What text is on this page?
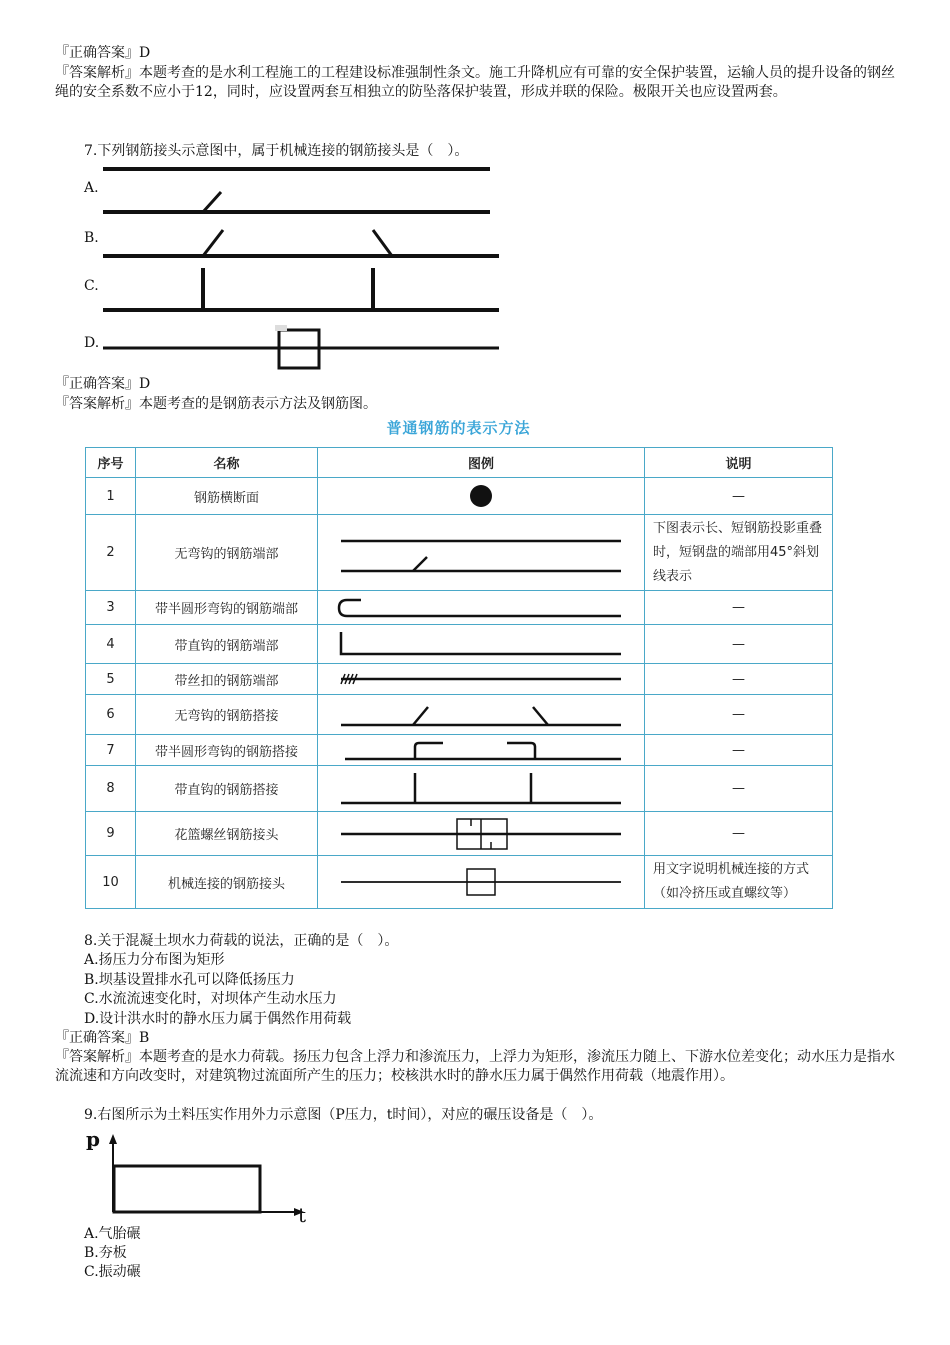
『正确答案』D

『答案解析』本题考查的是水利工程施工的工程建设标准强制性条文。施工升降机应有可靠的安全保护装置，运输人员的提升设备的钢丝绳的安全系数不应小于12，同时，应设置两套互相独立的防坠落保护装置，形成并联的保险。极限开关也应设置两套。

7.下列钢筋接头示意图中，属于机械连接的钢筋接头是（　）。

A.
B.
C.
D.

『正确答案』D

『答案解析』本题考查的是钢筋表示方法及钢筋图。

普通钢筋的表示方法
序号	名称	图例	说明
1	钢筋横断面		—
2	无弯钩的钢筋端部		下图表示长、短钢筋投影重叠时，短钢盘的端部用45°斜划线表示
3	带半圆形弯钩的钢筋端部		—
4	带直钩的钢筋端部		—
5	带丝扣的钢筋端部		—
6	无弯钩的钢筋搭接		—
7	带半圆形弯钩的钢筋搭接		—
8	带直钩的钢筋搭接		—
9	花篮螺丝钢筋接头		—
10	机械连接的钢筋接头		用文字说明机械连接的方式（如冷挤压或直螺纹等）

8.关于混凝土坝水力荷载的说法，正确的是（　）。

A.扬压力分布图为矩形

B.坝基设置排水孔可以降低扬压力

C.水流流速变化时，对坝体产生动水压力

D.设计洪水时的静水压力属于偶然作用荷载

『正确答案』B

『答案解析』本题考查的是水力荷载。扬压力包含上浮力和渗流压力，上浮力为矩形，渗流压力随上、下游水位差变化；动水压力是指水流流速和方向改变时，对建筑物过流面所产生的压力；校核洪水时的静水压力属于偶然作用荷载（地震作用）。

9.右图所示为土料压实作用外力示意图（P压力，t时间），对应的碾压设备是（　）。

p
t

A.气胎碾

B.夯板

C.振动碾
